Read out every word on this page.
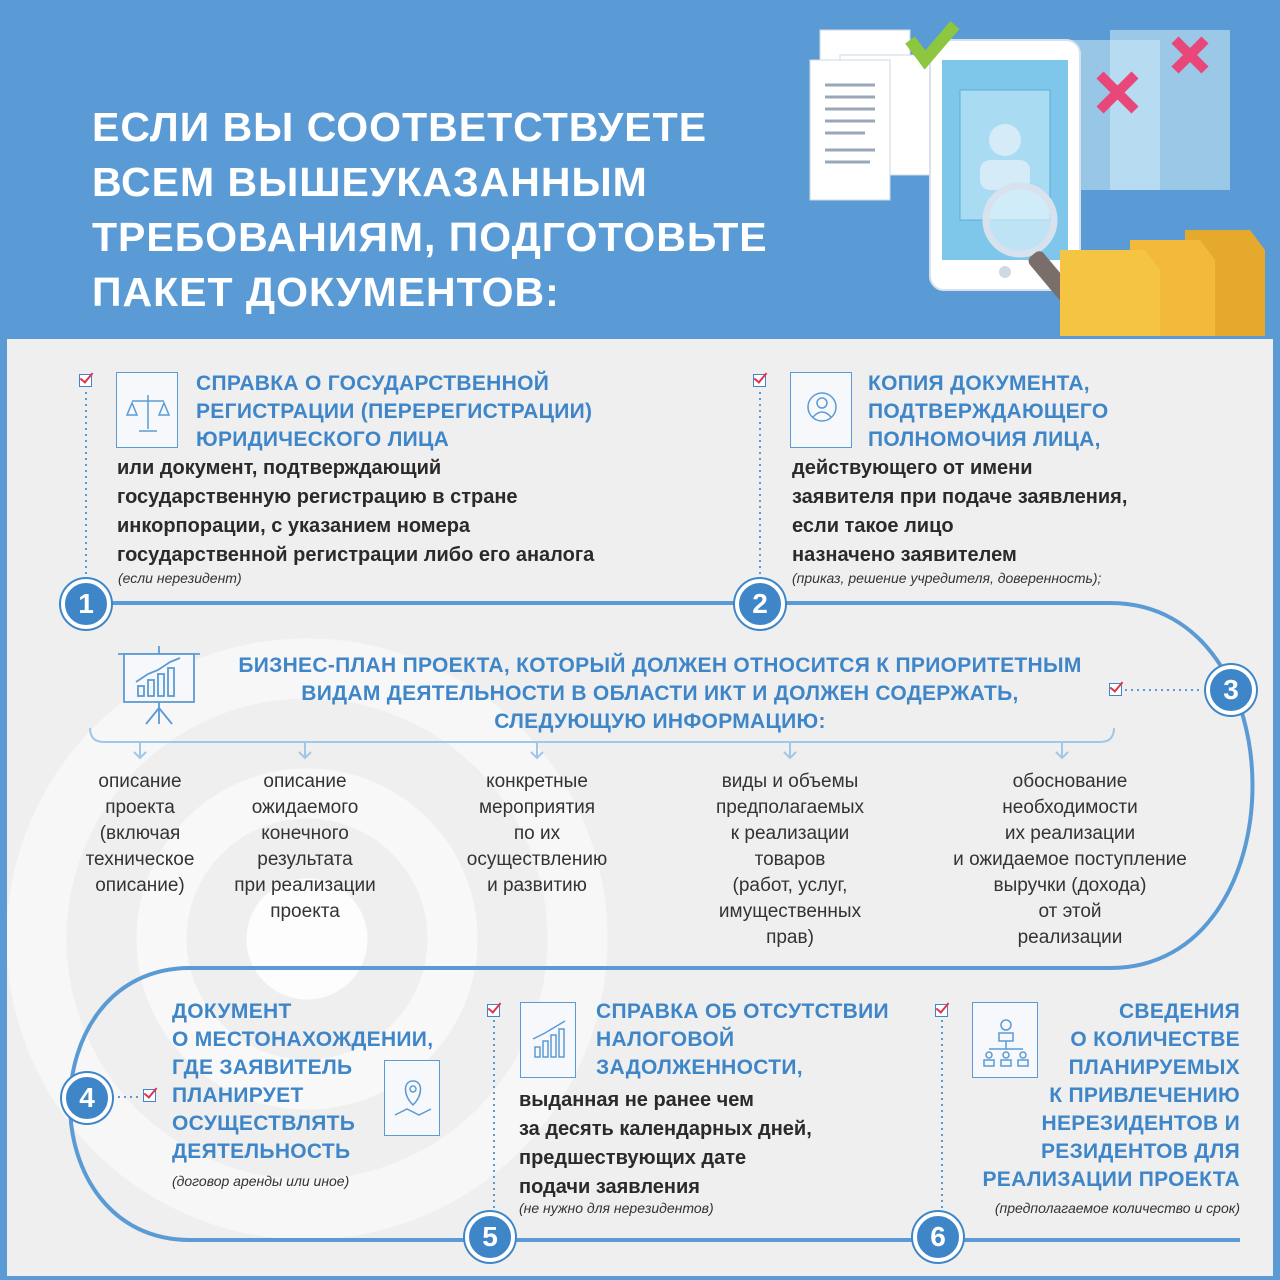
ЕСЛИ ВЫ СООТВЕТСТВУЕТЕ
ВСЕМ ВЫШЕУКАЗАННЫМ
ТРЕБОВАНИЯМ, ПОДГОТОВЬТЕ
ПАКЕТ ДОКУМЕНТОВ:
СПРАВКА О ГОСУДАРСТВЕННОЙ
РЕГИСТРАЦИИ (ПЕРЕРЕГИСТРАЦИИ)
ЮРИДИЧЕСКОГО ЛИЦА
или документ, подтверждающий
государственную регистрацию в стране
инкорпорации, с указанием номера
государственной регистрации либо его аналога
(если нерезидент)
1
КОПИЯ ДОКУМЕНТА,
ПОДТВЕРЖДАЮЩЕГО
ПОЛНОМОЧИЯ ЛИЦА,
действующего от имени
заявителя при подаче заявления,
если такое лицо
назначено заявителем
(приказ, решение учредителя, доверенность);
2
БИЗНЕС-ПЛАН ПРОЕКТА, КОТОРЫЙ ДОЛЖЕН ОТНОСИТСЯ К ПРИОРИТЕТНЫМ
ВИДАМ ДЕЯТЕЛЬНОСТИ В ОБЛАСТИ ИКТ И ДОЛЖЕН СОДЕРЖАТЬ,
СЛЕДУЮЩУЮ ИНФОРМАЦИЮ:
3
описание
проекта
(включая
техническое
описание)
описание
ожидаемого
конечного
результата
при реализации
проекта
конкретные
мероприятия
по их
осуществлению
и развитию
виды и объемы
предполагаемых
к реализации
товаров
(работ, услуг,
имущественных
прав)
обоснование
необходимости
их реализации
и ожидаемое поступление
выручки (дохода)
от этой
реализации
4
ДОКУМЕНТ
О МЕСТОНАХОЖДЕНИИ,
ГДЕ ЗАЯВИТЕЛЬ
ПЛАНИРУЕТ
ОСУЩЕСТВЛЯТЬ
ДЕЯТЕЛЬНОСТЬ
(договор аренды или иное)
СПРАВКА ОБ ОТСУТСТВИИ
НАЛОГОВОЙ
ЗАДОЛЖЕННОСТИ,
выданная не ранее чем
за десять календарных дней,
предшествующих дате
подачи заявления
(не нужно для нерезидентов)
5
СВЕДЕНИЯ
О КОЛИЧЕСТВЕ
ПЛАНИРУЕМЫХ
К ПРИВЛЕЧЕНИЮ
НЕРЕЗИДЕНТОВ И
РЕЗИДЕНТОВ ДЛЯ
РЕАЛИЗАЦИИ ПРОЕКТА
(предполагаемое количество и срок)
6
